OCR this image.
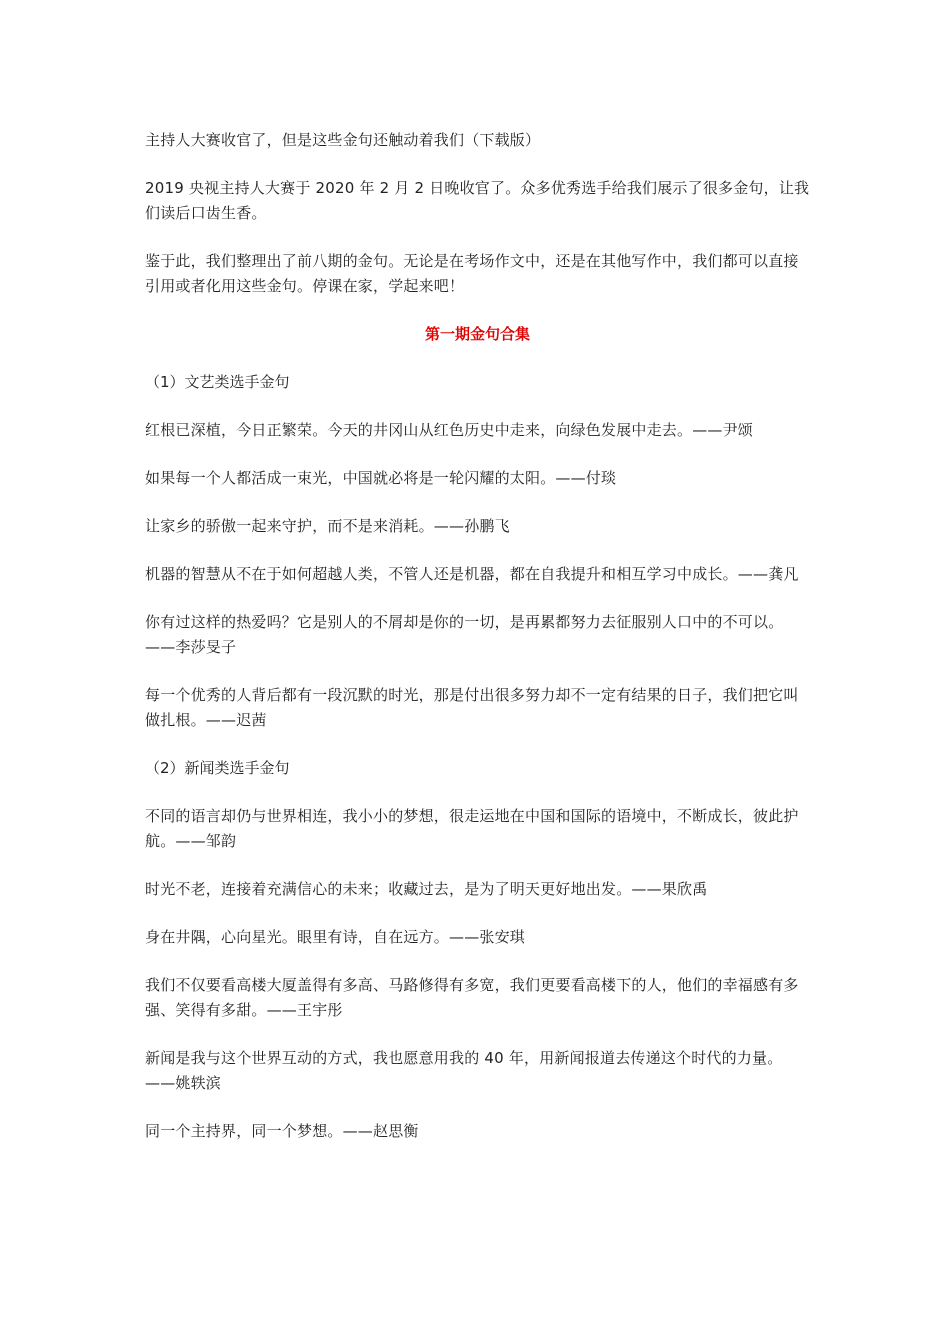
主持人大赛收官了，但是这些金句还触动着我们（下载版）

2019 央视主持人大赛于 2020 年 2 月 2 日晚收官了。众多优秀选手给我们展示了很多金句，让我们读后口齿生香。

鉴于此，我们整理出了前八期的金句。无论是在考场作文中，还是在其他写作中，我们都可以直接引用或者化用这些金句。停课在家，学起来吧！

第一期金句合集

（1）文艺类选手金句

红根已深植，今日正繁荣。今天的井冈山从红色历史中走来，向绿色发展中走去。——尹颂

如果每一个人都活成一束光，中国就必将是一轮闪耀的太阳。——付琰

让家乡的骄傲一起来守护，而不是来消耗。——孙鹏飞

机器的智慧从不在于如何超越人类，不管人还是机器，都在自我提升和相互学习中成长。——龚凡

你有过这样的热爱吗？它是别人的不屑却是你的一切，是再累都努力去征服别人口中的不可以。——李莎旻子

每一个优秀的人背后都有一段沉默的时光，那是付出很多努力却不一定有结果的日子，我们把它叫做扎根。——迟茜

（2）新闻类选手金句

不同的语言却仍与世界相连，我小小的梦想，很走运地在中国和国际的语境中，不断成长，彼此护航。——邹韵

时光不老，连接着充满信心的未来；收藏过去，是为了明天更好地出发。——果欣禹

身在井隅，心向星光。眼里有诗，自在远方。——张安琪

我们不仅要看高楼大厦盖得有多高、马路修得有多宽，我们更要看高楼下的人，他们的幸福感有多强、笑得有多甜。——王宇彤

新闻是我与这个世界互动的方式，我也愿意用我的 40 年，用新闻报道去传递这个时代的力量。——姚轶滨

同一个主持界，同一个梦想。——赵思衡
